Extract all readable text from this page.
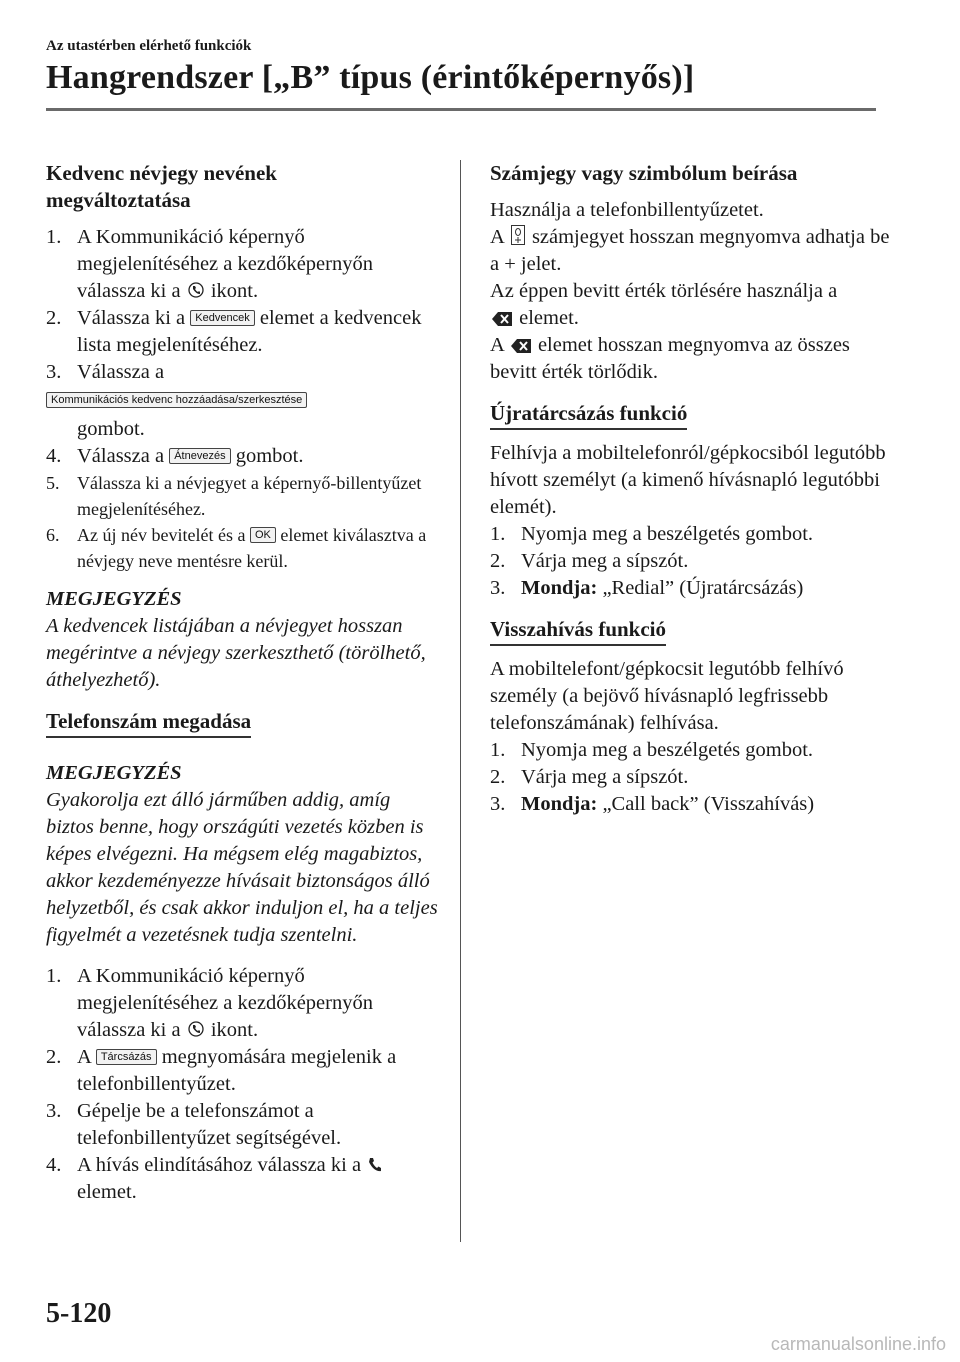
Az utastérben elérhető funkciók
Hangrendszer [„B” típus (érintőképernyős)]
Kedvenc névjegy nevének
megváltoztatása
1. A Kommunikáció képernyő megjelenítéséhez a kezdőképernyőn válassza ki a ikont.
2. Válassza ki a Kedvencek elemet a kedvencek lista megjelenítéséhez.
3. Válassza a
Kommunikációs kedvenc hozzáadása/szerkesztése
gombot.
4. Válassza a Átnevezés gombot.
5. Válassza ki a névjegyet a képernyő-billentyűzet megjelenítéséhez.
6. Az új név bevitelét és a OK elemet kiválasztva a névjegy neve mentésre kerül.
MEGJEGYZÉS
A kedvencek listájában a névjegyet hosszan megérintve a névjegy szerkeszthető (törölhető, áthelyezhető).
Telefonszám megadása
MEGJEGYZÉS
Gyakorolja ezt álló járműben addig, amíg biztos benne, hogy országúti vezetés közben is képes elvégezni. Ha mégsem elég magabiztos, akkor kezdeményezze hívásait biztonságos álló helyzetből, és csak akkor induljon el, ha a teljes figyelmét a vezetésnek tudja szentelni.
1. A Kommunikáció képernyő megjelenítéséhez a kezdőképernyőn válassza ki a ikont.
2. A Tárcsázás megnyomására megjelenik a telefonbillentyűzet.
3. Gépelje be a telefonszámot a telefonbillentyűzet segítségével.
4. A hívás elindításához válassza ki a
elemet.
Számjegy vagy szimbólum beírása

Használja a telefonbillentyűzetet.

A számjegyet hosszan megnyomva adhatja be a + jelet.

Az éppen bevitt érték törlésére használja a
elemet.

A elemet hosszan megnyomva az összes bevitt érték törlődik.

Újratárcsázás funkció

Felhívja a mobiltelefonról/gépkocsiból legutóbb hívott személyt (a kimenő hívásnapló legutóbbi elemét).

1. Nyomja meg a beszélgetés gombot.
2. Várja meg a sípszót.
3. Mondja: „Redial” (Újratárcsázás)
Visszahívás funkció

A mobiltelefont/gépkocsit legutóbb felhívó személy (a bejövő hívásnapló legfrissebb telefonszámának) felhívása.

1. Nyomja meg a beszélgetés gombot.
2. Várja meg a sípszót.
3. Mondja: „Call back” (Visszahívás)
5-120
carmanualsonline.info
